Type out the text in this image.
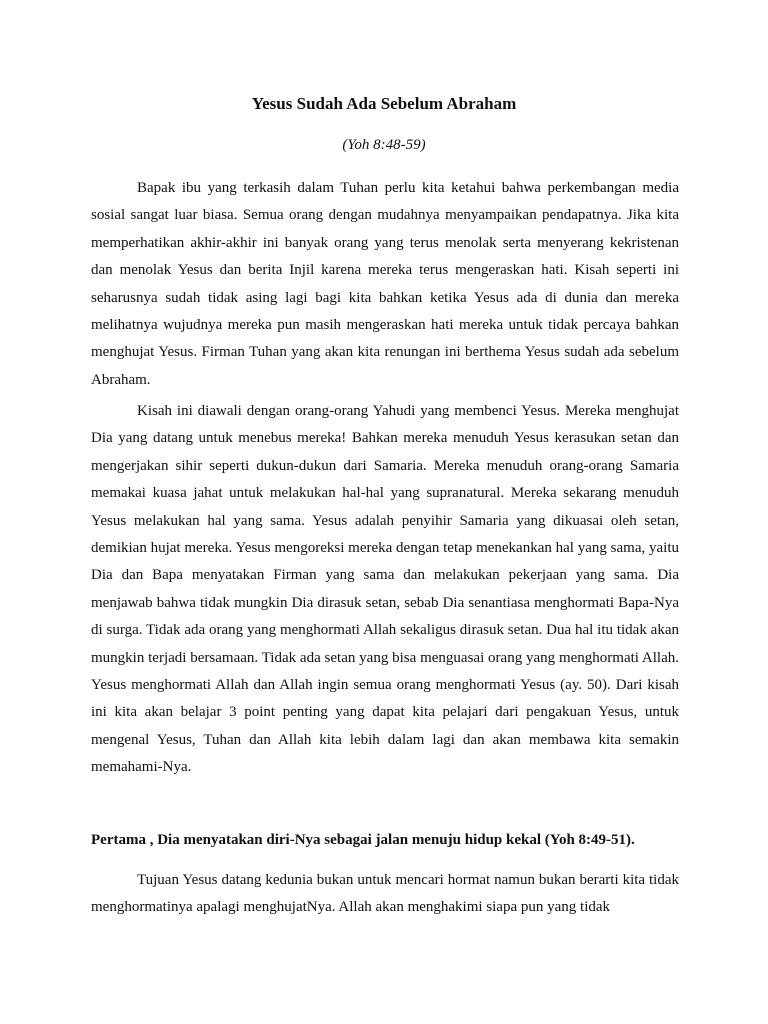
Yesus Sudah Ada Sebelum Abraham

(Yoh 8:48-59)

Bapak ibu yang terkasih dalam Tuhan perlu kita ketahui bahwa perkembangan media sosial sangat luar biasa. Semua orang dengan mudahnya menyampaikan pendapatnya. Jika kita memperhatikan akhir-akhir ini banyak orang yang terus menolak serta menyerang kekristenan dan menolak Yesus dan berita Injil karena mereka terus mengeraskan hati. Kisah seperti ini seharusnya sudah tidak asing lagi bagi kita bahkan ketika Yesus ada di dunia dan mereka melihatnya wujudnya mereka pun masih mengeraskan hati mereka untuk tidak percaya bahkan menghujat Yesus. Firman Tuhan yang akan kita renungan ini berthema Yesus sudah ada sebelum Abraham.

Kisah ini diawali dengan orang-orang Yahudi yang membenci Yesus. Mereka menghujat Dia yang datang untuk menebus mereka! Bahkan mereka menuduh Yesus kerasukan setan dan mengerjakan sihir seperti dukun-dukun dari Samaria. Mereka menuduh orang-orang Samaria memakai kuasa jahat untuk melakukan hal-hal yang supranatural. Mereka sekarang menuduh Yesus melakukan hal yang sama. Yesus adalah penyihir Samaria yang dikuasai oleh setan, demikian hujat mereka. Yesus mengoreksi mereka dengan tetap menekankan hal yang sama, yaitu Dia dan Bapa menyatakan Firman yang sama dan melakukan pekerjaan yang sama. Dia menjawab bahwa tidak mungkin Dia dirasuk setan, sebab Dia senantiasa menghormati Bapa-Nya di surga. Tidak ada orang yang menghormati Allah sekaligus dirasuk setan. Dua hal itu tidak akan mungkin terjadi bersamaan. Tidak ada setan yang bisa menguasai orang yang menghormati Allah. Yesus menghormati Allah dan Allah ingin semua orang menghormati Yesus (ay. 50). Dari kisah ini kita akan belajar 3 point penting yang dapat kita pelajari dari pengakuan Yesus, untuk mengenal Yesus, Tuhan dan Allah kita lebih dalam lagi dan akan membawa kita semakin memahami-Nya.

Pertama , Dia menyatakan diri-Nya sebagai jalan menuju hidup kekal (Yoh 8:49-51).

Tujuan Yesus datang kedunia bukan untuk mencari hormat namun bukan berarti kita tidak menghormatinya apalagi menghujatNya. Allah akan menghakimi siapa pun yang tidak
